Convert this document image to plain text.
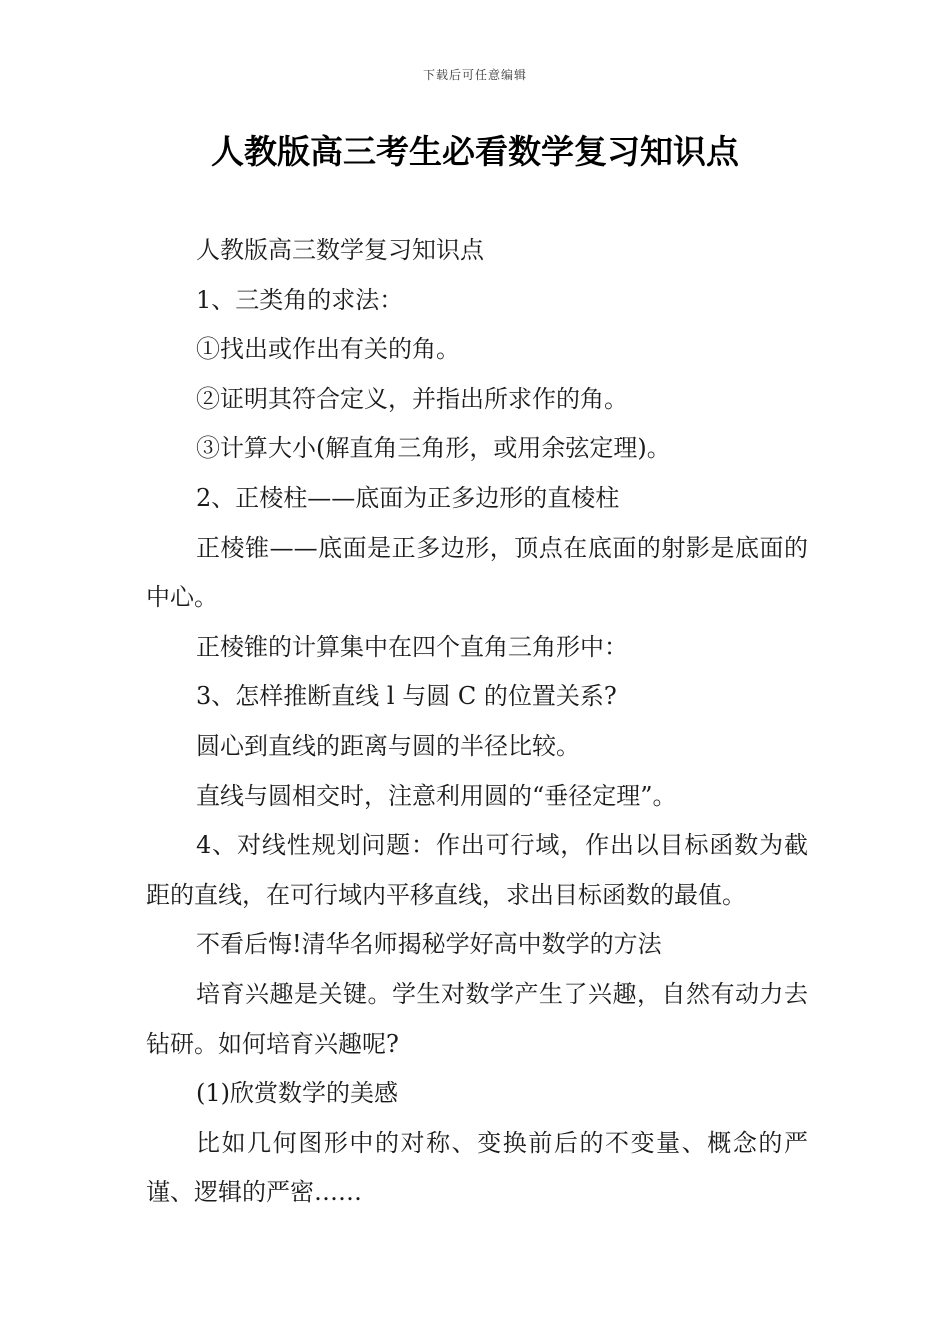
下载后可任意编辑
人教版高三考生必看数学复习知识点

人教版高三数学复习知识点

1、三类角的求法：

①找出或作出有关的角。

②证明其符合定义，并指出所求作的角。

③计算大小(解直角三角形，或用余弦定理)。

2、正棱柱——底面为正多边形的直棱柱

正棱锥——底面是正多边形，顶点在底面的射影是底面的中心。

正棱锥的计算集中在四个直角三角形中：

3、怎样推断直线 l 与圆 C 的位置关系?

圆心到直线的距离与圆的半径比较。

直线与圆相交时，注意利用圆的“垂径定理”。

4、对线性规划问题：作出可行域，作出以目标函数为截距的直线，在可行域内平移直线，求出目标函数的最值。

不看后悔!清华名师揭秘学好高中数学的方法

培育兴趣是关键。学生对数学产生了兴趣，自然有动力去钻研。如何培育兴趣呢?

(1)欣赏数学的美感

比如几何图形中的对称、变换前后的不变量、概念的严谨、逻辑的严密……
